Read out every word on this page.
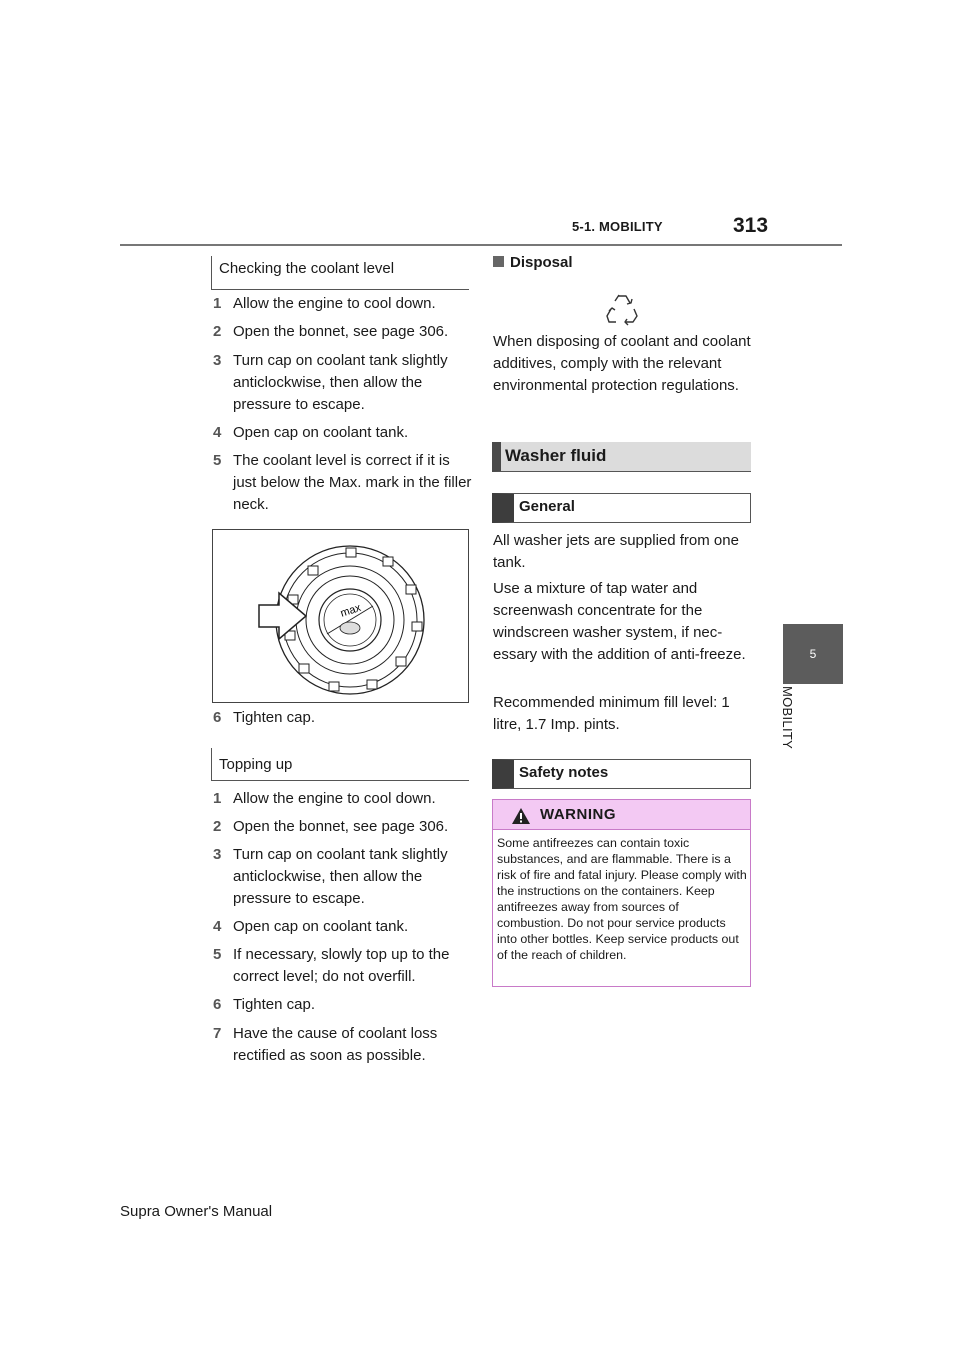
5-1. MOBILITY	313
5
MOBILITY
Checking the coolant level
1 Allow the engine to cool down.
2 Open the bonnet, see page 306.
3 Turn cap on coolant tank slightly anticlockwise, then allow the pressure to escape.
4 Open cap on coolant tank.
5 The coolant level is correct if it is just below the Max. mark in the filler neck.
max
6 Tighten cap.
Topping up
1 Allow the engine to cool down.
2 Open the bonnet, see page 306.
3 Turn cap on coolant tank slightly anticlockwise, then allow the pressure to escape.
4 Open cap on coolant tank.
5 If necessary, slowly top up to the correct level; do not overfill.
6 Tighten cap.
7 Have the cause of coolant loss rectified as soon as possible.
Disposal
When disposing of coolant and coolant additives, comply with the relevant environmental protection regulations.
Washer fluid
General
All washer jets are supplied from one tank.
Use a mixture of tap water and screenwash concentrate for the windscreen washer system, if nec-essary with the addition of anti-freeze.
Recommended minimum fill level: 1 litre, 1.7 Imp. pints.
Safety notes
WARNING
Some antifreezes can contain toxic substances, and are flammable. There is a risk of fire and fatal injury. Please comply with the instructions on the containers. Keep antifreezes away from sources of combustion. Do not pour service products into other bottles. Keep service products out of the reach of children.
Supra Owner's Manual
